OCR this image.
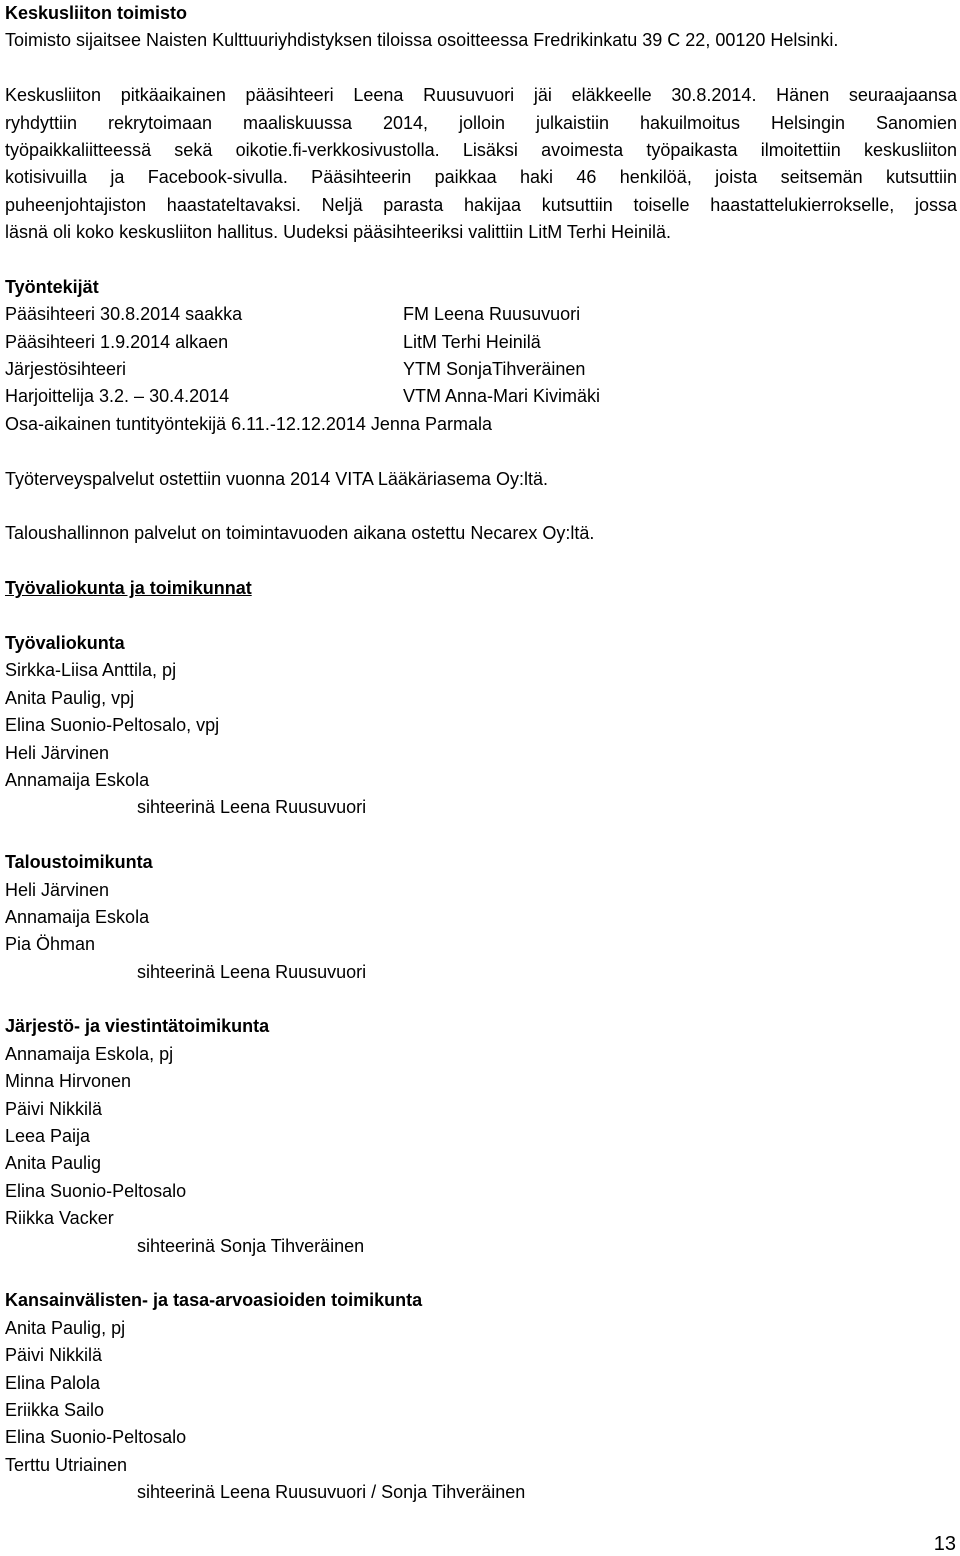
Keskusliiton toimisto
Toimisto sijaitsee Naisten Kulttuuriyhdistyksen tiloissa osoitteessa Fredrikinkatu 39 C 22, 00120 Helsinki.
Keskusliiton pitkäaikainen pääsihteeri Leena Ruusuvuori jäi eläkkeelle 30.8.2014. Hänen seuraajaansa
ryhdyttiin rekrytoimaan maaliskuussa 2014, jolloin julkaistiin hakuilmoitus Helsingin Sanomien
työpaikkaliitteessä sekä oikotie.fi-verkkosivustolla. Lisäksi avoimesta työpaikasta ilmoitettiin keskusliiton
kotisivuilla ja Facebook-sivulla. Pääsihteerin paikkaa haki 46 henkilöä, joista seitsemän kutsuttiin
puheenjohtajiston haastateltavaksi. Neljä parasta hakijaa kutsuttiin toiselle haastattelukierrokselle, jossa
läsnä oli koko keskusliiton hallitus. Uudeksi pääsihteeriksi valittiin LitM Terhi Heinilä.
Työntekijät
Pääsihteeri 30.8.2014 saakka	FM Leena Ruusuvuori
Pääsihteeri 1.9.2014 alkaen	LitM Terhi Heinilä
Järjestösihteeri	YTM SonjaTihveräinen
Harjoittelija 3.2. – 30.4.2014	VTM Anna-Mari Kivimäki
Osa-aikainen tuntityöntekijä 6.11.-12.12.2014 Jenna Parmala
Työterveyspalvelut ostettiin vuonna 2014 VITA Lääkäriasema Oy:ltä.
Taloushallinnon palvelut on toimintavuoden aikana ostettu Necarex Oy:ltä.
Työvaliokunta ja toimikunnat
Työvaliokunta
Sirkka-Liisa Anttila, pj
Anita Paulig, vpj
Elina Suonio-Peltosalo, vpj
Heli Järvinen
Annamaija Eskola
sihteerinä Leena Ruusuvuori
Taloustoimikunta
Heli Järvinen
Annamaija Eskola
Pia Öhman
sihteerinä Leena Ruusuvuori
Järjestö- ja viestintätoimikunta
Annamaija Eskola, pj
Minna Hirvonen
Päivi Nikkilä
Leea Paija
Anita Paulig
Elina Suonio-Peltosalo
Riikka Vacker
sihteerinä Sonja Tihveräinen
Kansainvälisten- ja tasa-arvoasioiden toimikunta
Anita Paulig, pj
Päivi Nikkilä
Elina Palola
Eriikka Sailo
Elina Suonio-Peltosalo
Terttu Utriainen
sihteerinä Leena Ruusuvuori / Sonja Tihveräinen
13
